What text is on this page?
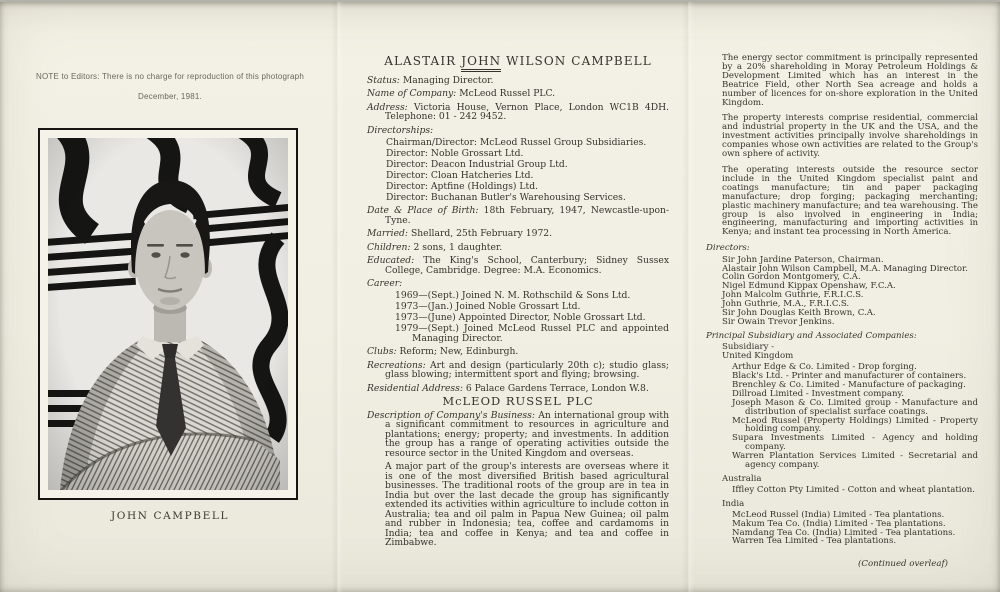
NOTE to Editors: There is no charge for reproduction of this photograph

December, 1981.

JOHN CAMPBELL

ALASTAIR JOHN WILSON CAMPBELL

Status: Managing Director.

Name of Company: McLeod Russel PLC.

Address: Victoria House, Vernon Place, London WC1B 4DH. Telephone: 01 - 242 9452.

Directorships:

Chairman/Director: McLeod Russel Group Subsidiaries.

Director: Noble Grossart Ltd.

Director: Deacon Industrial Group Ltd.

Director: Cloan Hatcheries Ltd.

Director: Aptfine (Holdings) Ltd.

Director: Buchanan Butler's Warehousing Services.

Date & Place of Birth: 18th February, 1947, Newcastle-upon-Tyne.

Married: Shellard, 25th February 1972.

Children: 2 sons, 1 daughter.

Educated: The King's School, Canterbury; Sidney Sussex College, Cambridge. Degree: M.A. Economics.

Career:

1969—(Sept.) Joined N. M. Rothschild & Sons Ltd.

1973—(Jan.) Joined Noble Grossart Ltd.

1973—(June) Appointed Director, Noble Grossart Ltd.

1979—(Sept.) Joined McLeod Russel PLC and appointed Managing Director.

Clubs: Reform; New, Edinburgh.

Recreations: Art and design (particularly 20th c); studio glass; glass blowing; intermittent sport and flying; browsing.

Residential Address: 6 Palace Gardens Terrace, London W.8.

McLEOD RUSSEL PLC

Description of Company's Business: An international group with a significant commitment to resources in agriculture and plantations; energy; property; and investments. In addition the group has a range of operating activities outside the resource sector in the United Kingdom and overseas.

A major part of the group's interests are overseas where it is one of the most diversified British based agricultural businesses. The traditional roots of the group are in tea in India but over the last decade the group has significantly extended its activities within agriculture to include cotton in Australia; tea and oil palm in Papua New Guinea; oil palm and rubber in Indonesia; tea, coffee and cardamoms in India; tea and coffee in Kenya; and tea and coffee in Zimbabwe.

The energy sector commitment is principally represented by a 20% shareholding in Moray Petroleum Holdings & Development Limited which has an interest in the Beatrice Field, other North Sea acreage and holds a number of licences for on-shore exploration in the United Kingdom.

The property interests comprise residential, commercial and industrial property in the UK and the USA, and the investment activities principally involve shareholdings in companies whose own activities are related to the Group's own sphere of activity.

The operating interests outside the resource sector include in the United Kingdom specialist paint and coatings manufacture; tin and paper packaging manufacture; drop forging; packaging merchanting; plastic machinery manufacture; and tea warehousing. The group is also involved in engineering in India; engineering, manufacturing and importing activities in Kenya; and instant tea processing in North America.

Directors:

Sir John Jardine Paterson, Chairman.

Alastair John Wilson Campbell, M.A. Managing Director.

Colin Gordon Montgomery, C.A.

Nigel Edmund Kippax Openshaw, F.C.A.

John Malcolm Guthrie, F.R.I.C.S.

John Guthrie, M.A., F.R.I.C.S.

Sir John Douglas Keith Brown, C.A.

Sir Owain Trevor Jenkins.

Principal Subsidiary and Associated Companies:

Subsidiary -

United Kingdom

Arthur Edge & Co. Limited - Drop forging.

Black's Ltd. - Printer and manufacturer of containers.

Brenchley & Co. Limited - Manufacture of packaging.

Dillroad Limited - Investment company.

Joseph Mason & Co. Limited group - Manufacture and distribution of specialist surface coatings.

McLeod Russel (Property Holdings) Limited - Property holding company.

Supara Investments Limited - Agency and holding company.

Warren Plantation Services Limited - Secretarial and agency company.

Australia

Iffley Cotton Pty Limited - Cotton and wheat plantation.

India

McLeod Russel (India) Limited - Tea plantations.

Makum Tea Co. (India) Limited - Tea plantations.

Namdang Tea Co. (India) Limited - Tea plantations.

Warren Tea Limited - Tea plantations.

(Continued overleaf)
